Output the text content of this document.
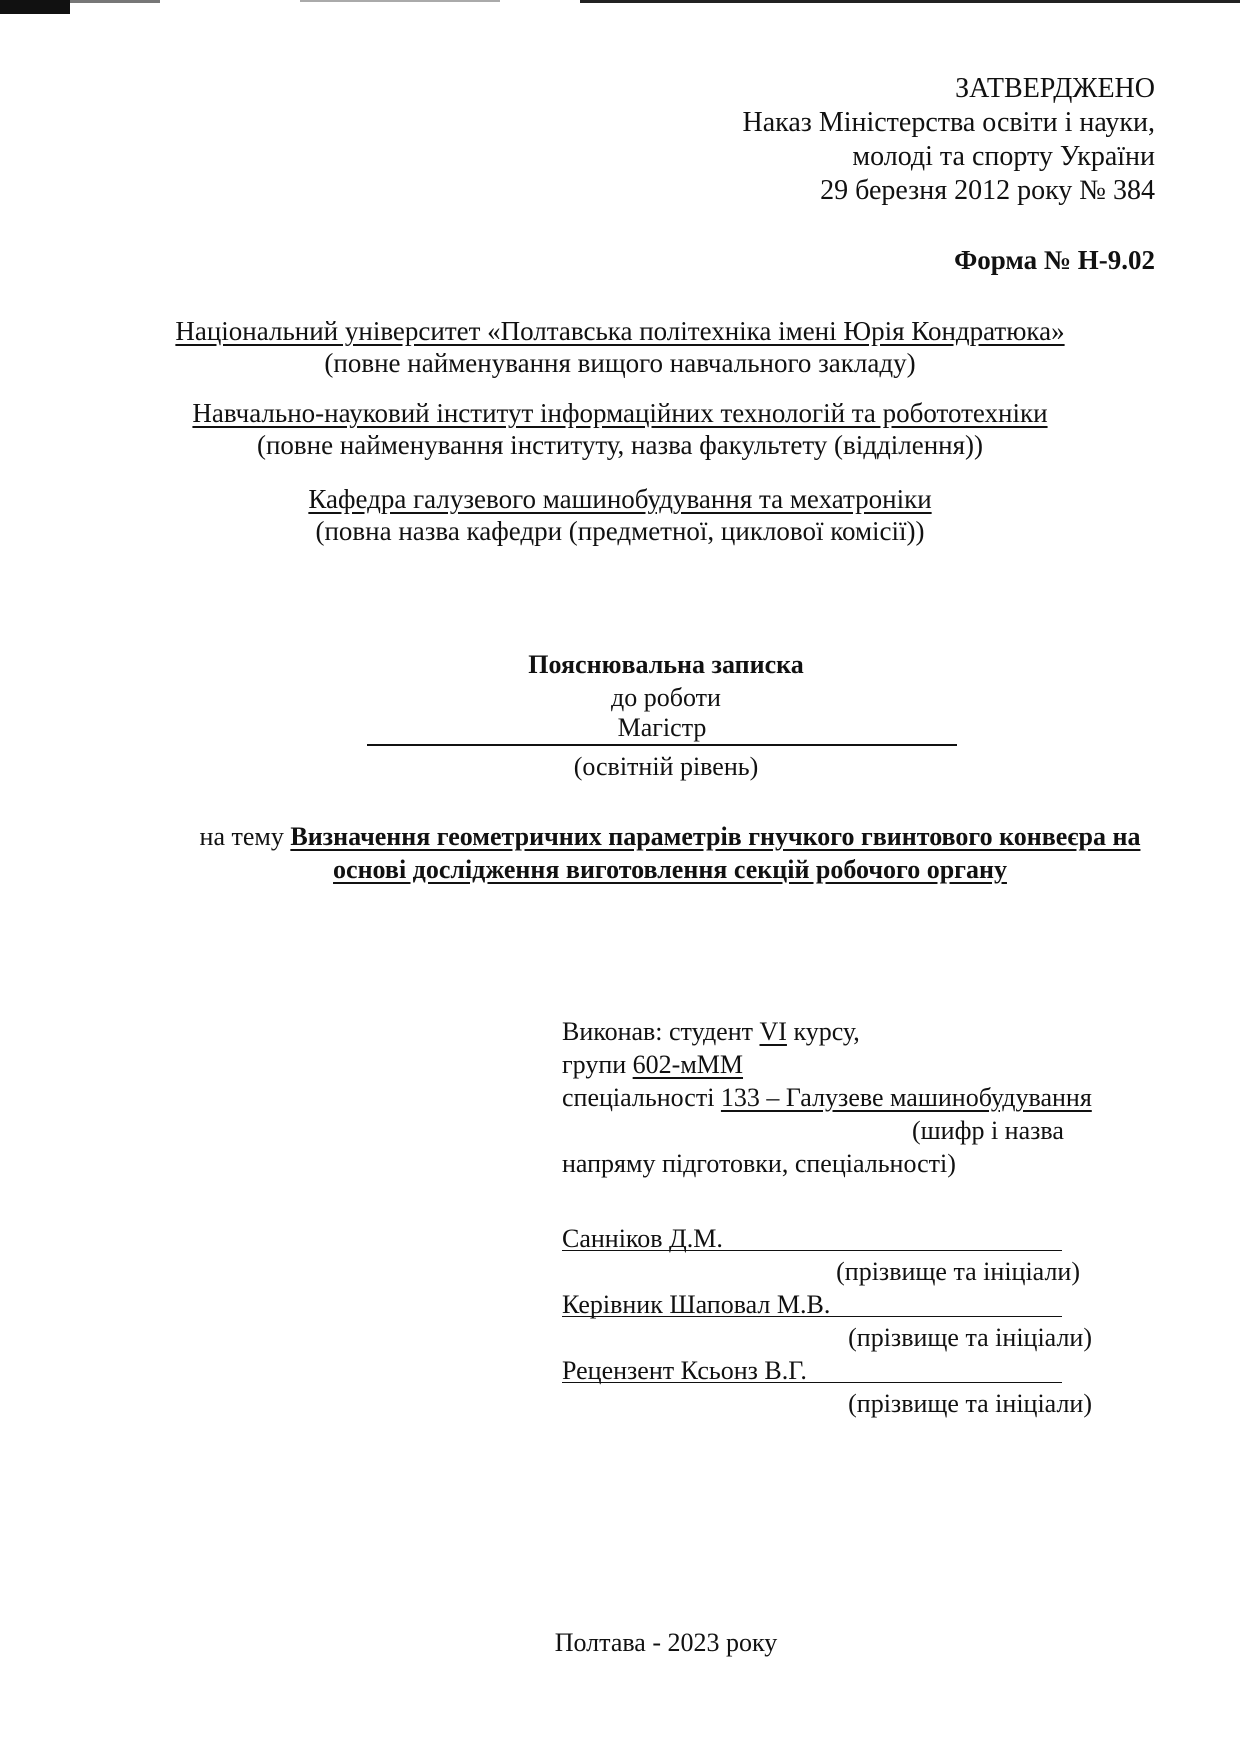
ЗАТВЕРДЖЕНО
Наказ Міністерства освіти і науки,
молоді та спорту України
29 березня 2012 року № 384
Форма № Н-9.02
Національний університет «Полтавська політехніка імені Юрія Кондратюка»
(повне найменування вищого навчального закладу)
Навчально-науковий інститут інформаційних технологій та робототехніки
(повне найменування інституту, назва факультету (відділення))
Кафедра галузевого машинобудування та мехатроніки
(повна назва кафедри (предметної, циклової комісії))
Пояснювальна записка
до роботи
Магістр
(освітній рівень)
на тему Визначення геометричних параметрів гнучкого гвинтового конвеєра на основі дослідження виготовлення секцій робочого органу
Виконав: студент VI курсу,
групи 602-мММ
спеціальності 133 – Галузеве машинобудування
(шифр і назва
напряму підготовки, спеціальності)
Санніков Д.М.
(прізвище та ініціали)
Керівник Шаповал М.В.
(прізвище та ініціали)
Рецензент Ксьонз В.Г.
(прізвище та ініціали)
Полтава - 2023 року
